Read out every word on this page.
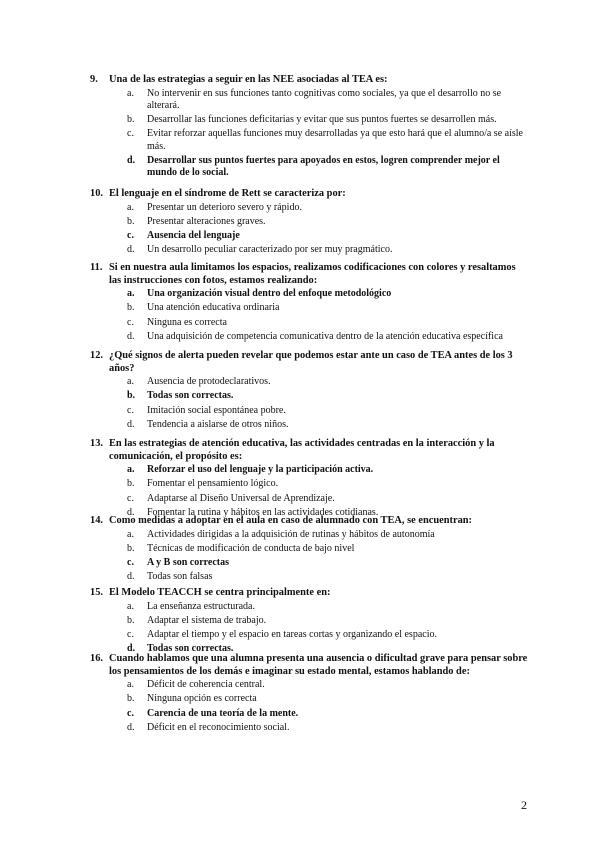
9.	Una de las estrategias a seguir en las NEE asociadas al TEA es:
a.	No intervenir en sus funciones tanto cognitivas como sociales, ya que el desarrollo no se alterará.
b.	Desarrollar las funciones deficitarias y evitar que sus puntos fuertes se desarrollen más.
c.	Evitar reforzar aquellas funciones muy desarrolladas ya que esto hará que el alumno/a se aísle más.
d.	Desarrollar sus puntos fuertes para apoyados en estos, logren comprender mejor el mundo de lo social.
10. El lenguaje en el síndrome de Rett se caracteriza por:
a.	Presentar un deterioro severo y rápido.
b.	Presentar alteraciones graves.
c.	Ausencia del lenguaje
d.	Un desarrollo peculiar caracterizado por ser muy pragmático.
11. Si en nuestra aula limitamos los espacios, realizamos codificaciones con colores y resaltamos las instrucciones con fotos, estamos realizando:
a.	Una organización visual dentro del enfoque metodológico
b.	Una atención educativa ordinaria
c.	Ninguna es correcta
d.	Una adquisición de competencia comunicativa dentro de la atención educativa específica
12. ¿Qué signos de alerta pueden revelar que podemos estar ante un caso de TEA antes de los 3 años?
a.	Ausencia de protodeclarativos.
b.	Todas son correctas.
c.	Imitación social espontánea pobre.
d.	Tendencia a aislarse de otros niños.
13. En las estrategias de atención educativa, las actividades centradas en la interacción y la comunicación, el propósito es:
a.	Reforzar el uso del lenguaje y la participación activa.
b.	Fomentar el pensamiento lógico.
c.	Adaptarse al Diseño Universal de Aprendizaje.
d.	Fomentar la rutina y hábitos en las actividades cotidianas.
14. Como medidas a adoptar en el aula en caso de alumnado con TEA, se encuentran:
a.	Actividades dirigidas a la adquisición de rutinas y hábitos de autonomía
b.	Técnicas de modificación de conducta de bajo nivel
c.	A y B son correctas
d.	Todas son falsas
15. El Modelo TEACCH se centra principalmente en:
a.	La enseñanza estructurada.
b.	Adaptar el sistema de trabajo.
c.	Adaptar el tiempo y el espacio en tareas cortas y organizando el espacio.
d.	Todas son correctas.
16. Cuando hablamos que una alumna presenta una ausencia o dificultad grave para pensar sobre los pensamientos de los demás e imaginar su estado mental, estamos hablando de:
a.	Déficit de coherencia central.
b.	Ninguna opción es correcta
c.	Carencia de una teoría de la mente.
d.	Déficit en el reconocimiento social.
2
